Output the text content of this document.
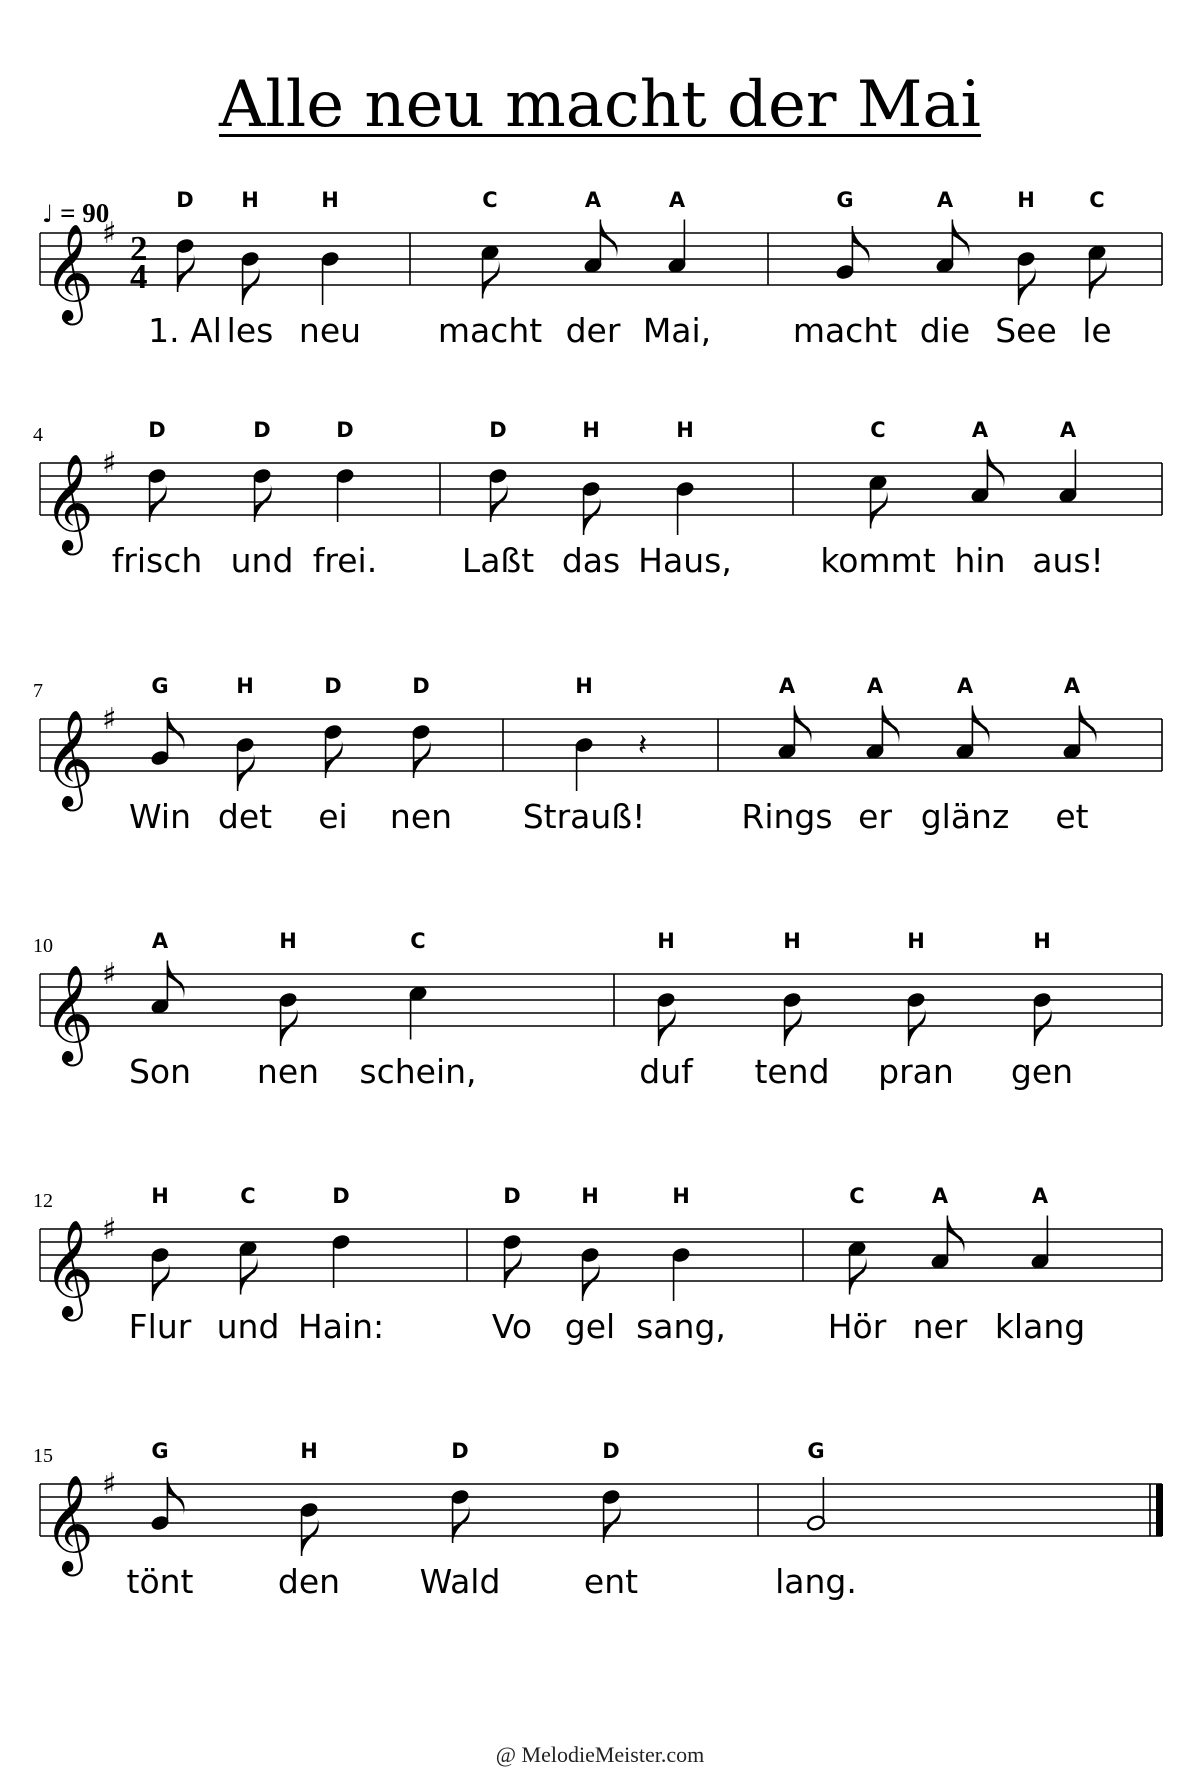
Alle neu macht der Mai
♩ = 90
𝄞 ♯ 2
4
D
1. Al
H
les
H
neu
C
macht
A
der
A
Mai,
G
macht
A
die
H
See
C
le
4
𝄞 ♯
D
frisch
D
und
D
frei.
D
Laßt
H
das
H
Haus,
C
kommt
A
hin
A
aus!
7
𝄞 ♯
G
Win
H
det
D
ei
D
nen
H
Strauß!
𝄽
A
Rings
A
er
A
glänz
A
et
10
𝄞 ♯
A
Son
H
nen
C
schein,
H
duf
H
tend
H
pran
H
gen
12
𝄞 ♯
H
Flur
C
und
D
Hain:
D
Vo
H
gel
H
sang,
C
Hör
A
ner
A
klang
15
𝄞 ♯
G
tönt
H
den
D
Wald
D
ent
G
lang.
@ MelodieMeister.com
